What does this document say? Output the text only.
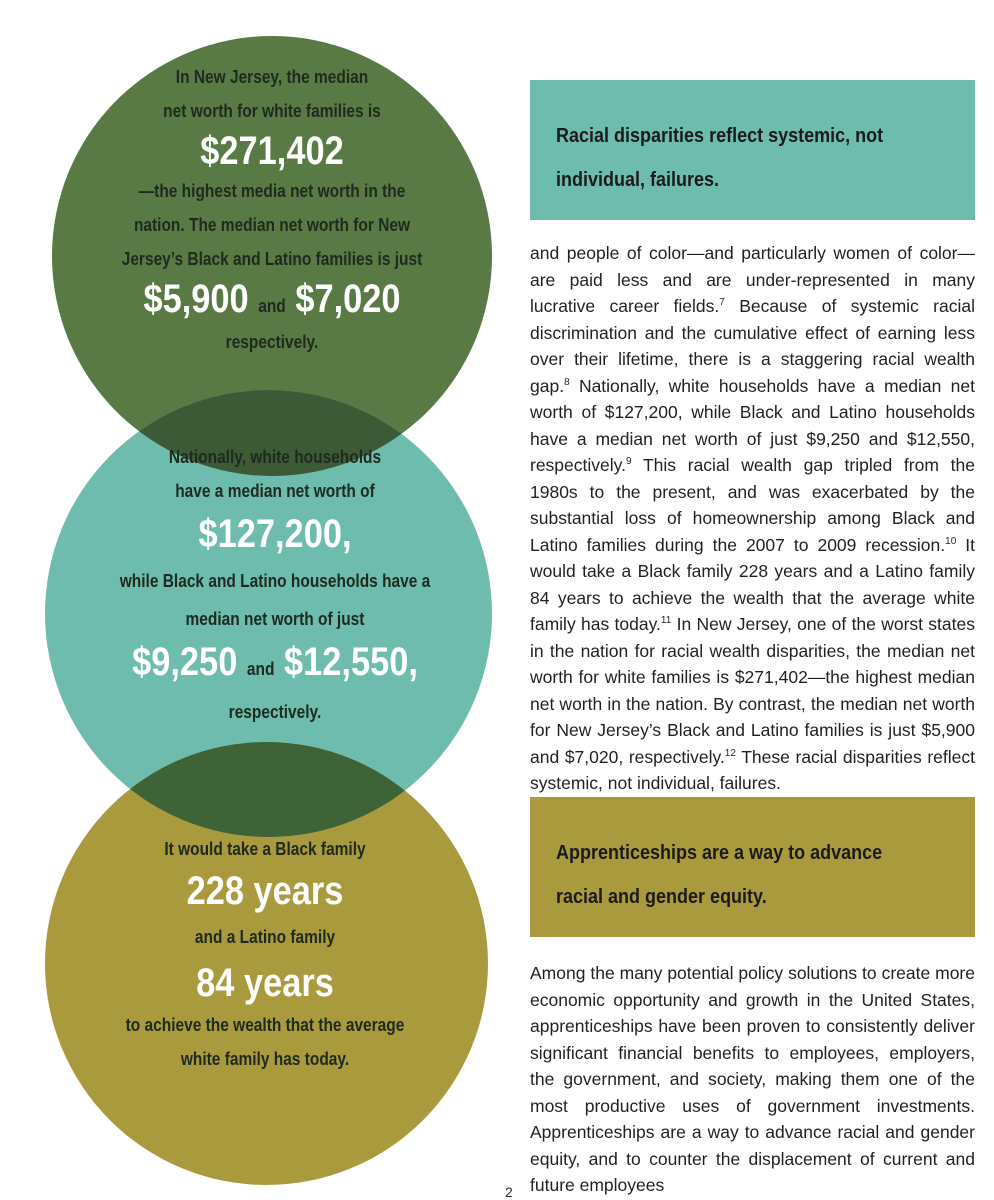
In New Jersey, the median
net worth for white families is
$271,402
—the highest media net worth in the
nation. The median net worth for New
Jersey’s Black and Latino families is just
$5,900 and $7,020
respectively.
Nationally, white households
have a median net worth of
$127,200,
while Black and Latino households have a
median net worth of just
$9,250 and $12,550,
respectively.
It would take a Black family
228 years
and a Latino family
84 years
to achieve the wealth that the average
white family has today.
Racial disparities reflect systemic, not
individual, failures.

and people of color—and particularly women of color—are paid less and are under-represented in many lucrative career fields.$^7$ Because of systemic racial discrimination and the cumulative effect of earning less over their lifetime, there is a staggering racial wealth gap.$^8$ Nationally, white households have a median net worth of $127,200, while Black and Latino households have a median net worth of just $9,250 and $12,550, respectively.$^9$ This racial wealth gap tripled from the 1980s to the present, and was exacerbated by the substantial loss of homeownership among Black and Latino families during the 2007 to 2009 recession.$^{10}$ It would take a Black family 228 years and a Latino family 84 years to achieve the wealth that the average white family has today.$^{11}$ In New Jersey, one of the worst states in the nation for racial wealth disparities, the median net worth for white families is $271,402—the highest median net worth in the nation. By contrast, the median net worth for New Jersey’s Black and Latino families is just $5,900 and $7,020, respectively.$^{12}$ These racial disparities reflect systemic, not individual, failures.

Apprenticeships are a way to advance
racial and gender equity.

Among the many potential policy solutions to create more economic opportunity and growth in the United States, apprenticeships have been proven to consistently deliver significant financial benefits to employees, employers, the government, and society, making them one of the most productive uses of government investments. Apprenticeships are a way to advance racial and gender equity, and to counter the displacement of current and future employees

2
